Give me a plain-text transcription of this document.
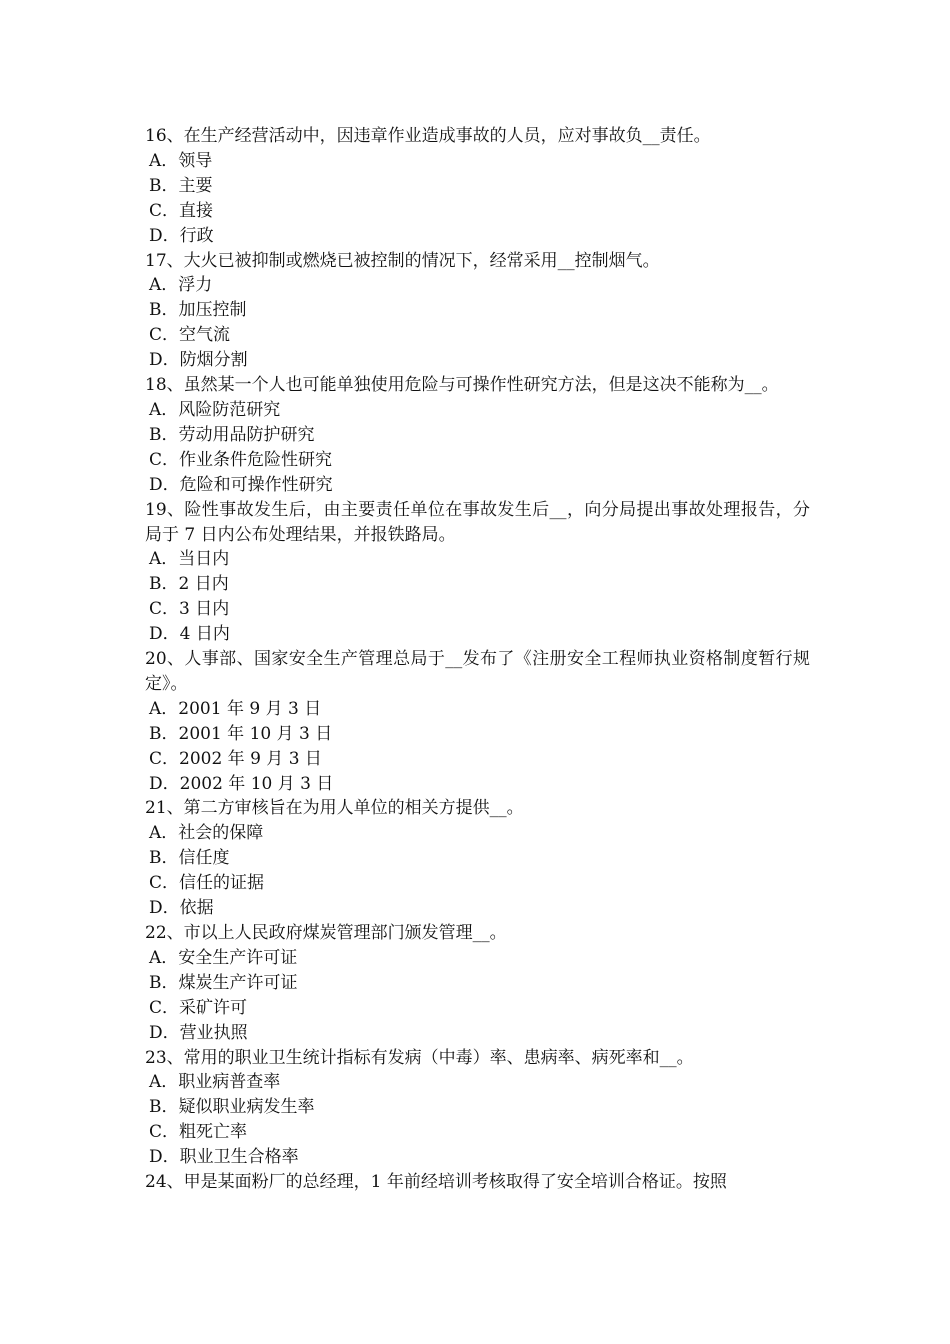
16、在生产经营活动中，因违章作业造成事故的人员，应对事故负__责任。

A．领导

B．主要

C．直接

D．行政

17、大火已被抑制或燃烧已被控制的情况下，经常采用__控制烟气。

A．浮力

B．加压控制

C．空气流

D．防烟分割

18、虽然某一个人也可能单独使用危险与可操作性研究方法，但是这决不能称为__。

A．风险防范研究

B．劳动用品防护研究

C．作业条件危险性研究

D．危险和可操作性研究

19、险性事故发生后，由主要责任单位在事故发生后__，向分局提出事故处理报告，分局于 7 日内公布处理结果，并报铁路局。

A．当日内

B．2 日内

C．3 日内

D．4 日内

20、人事部、国家安全生产管理总局于__发布了《注册安全工程师执业资格制度暂行规定》。

A．2001 年 9 月 3 日

B．2001 年 10 月 3 日

C．2002 年 9 月 3 日

D．2002 年 10 月 3 日

21、第二方审核旨在为用人单位的相关方提供__。

A．社会的保障

B．信任度

C．信任的证据

D．依据

22、市以上人民政府煤炭管理部门颁发管理__。

A．安全生产许可证

B．煤炭生产许可证

C．采矿许可

D．营业执照

23、常用的职业卫生统计指标有发病（中毒）率、患病率、病死率和__。

A．职业病普查率

B．疑似职业病发生率

C．粗死亡率

D．职业卫生合格率

24、甲是某面粉厂的总经理，1 年前经培训考核取得了安全培训合格证。按照
